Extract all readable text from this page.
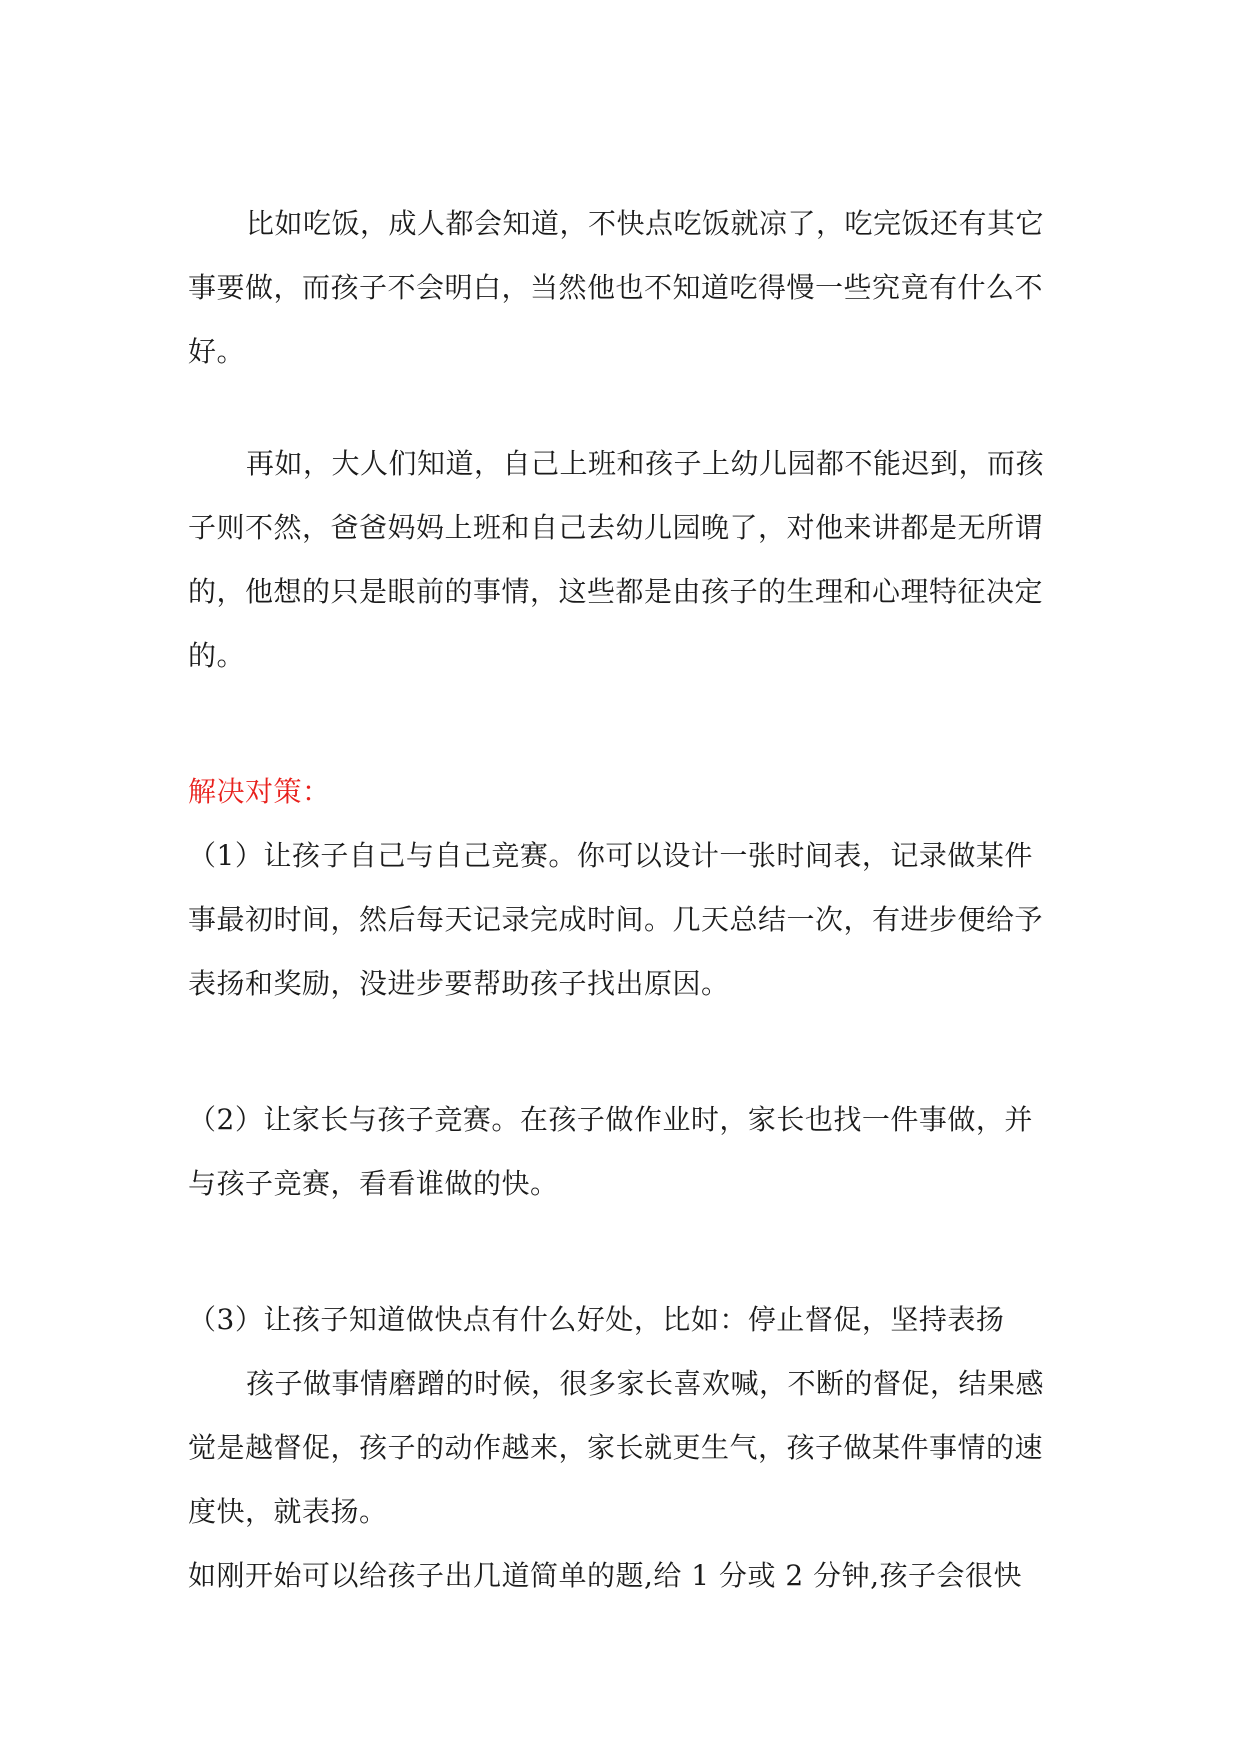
比如吃饭，成人都会知道，不快点吃饭就凉了，吃完饭还有其它事要做，而孩子不会明白，当然他也不知道吃得慢一些究竟有什么不好。

再如，大人们知道，自己上班和孩子上幼儿园都不能迟到，而孩子则不然，爸爸妈妈上班和自己去幼儿园晚了，对他来讲都是无所谓的，他想的只是眼前的事情，这些都是由孩子的生理和心理特征决定的。

解决对策：

（1）让孩子自己与自己竞赛。你可以设计一张时间表，记录做某件事最初时间，然后每天记录完成时间。几天总结一次，有进步便给予表扬和奖励，没进步要帮助孩子找出原因。

（2）让家长与孩子竞赛。在孩子做作业时，家长也找一件事做，并与孩子竞赛，看看谁做的快。

（3）让孩子知道做快点有什么好处，比如：停止督促，坚持表扬

孩子做事情磨蹭的时候，很多家长喜欢喊，不断的督促，结果感觉是越督促，孩子的动作越来，家长就更生气，孩子做某件事情的速度快，就表扬。

如刚开始可以给孩子出几道简单的题,给 1 分或 2 分钟,孩子会很快
